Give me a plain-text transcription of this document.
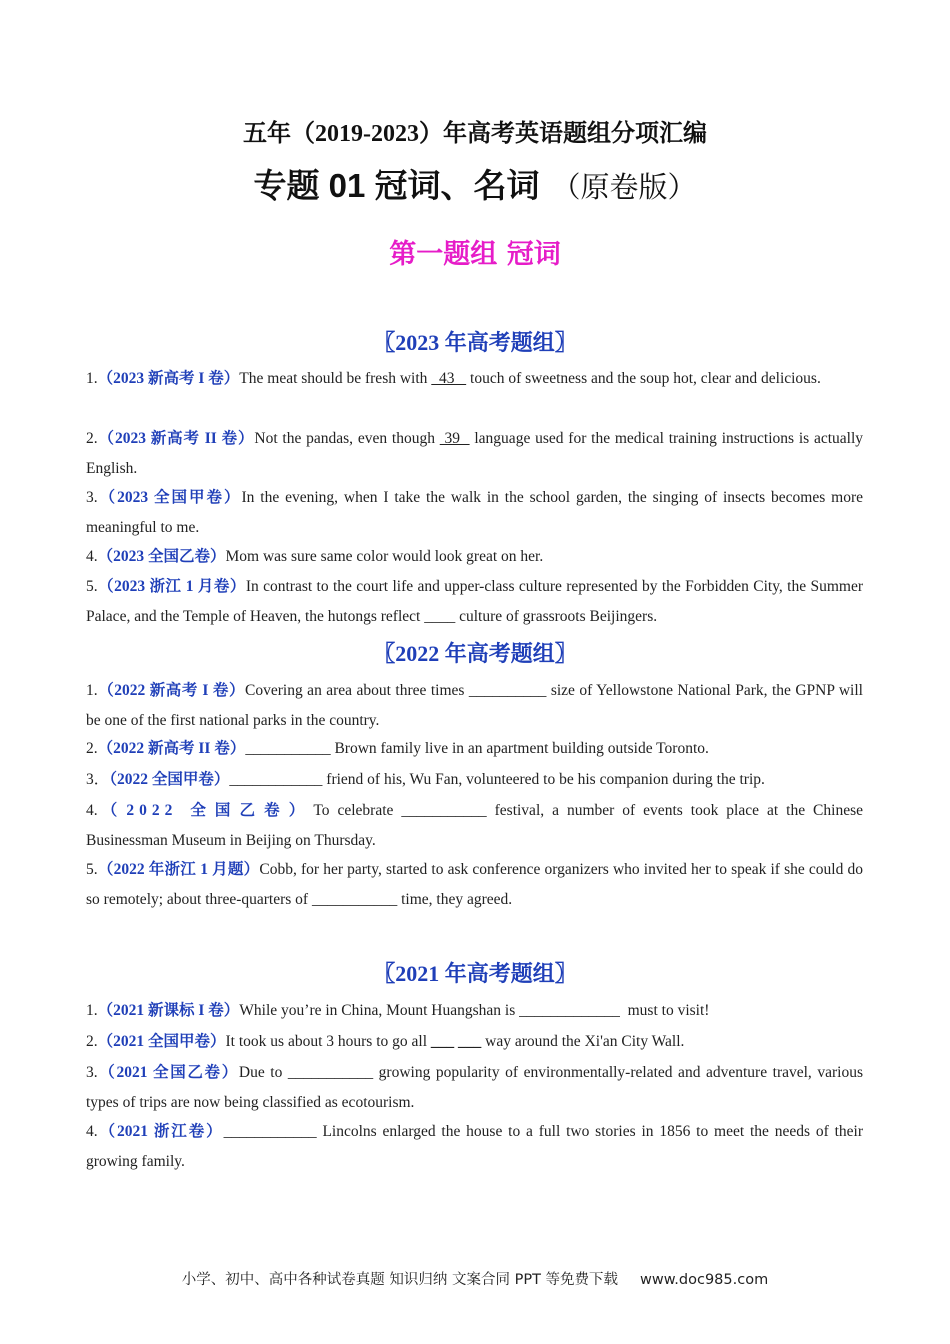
五年（2019-2023）年高考英语题组分项汇编
专题 01 冠词、名词 （原卷版）
第一题组 冠词
〖2023 年高考题组〗
1.（2023 新高考 I 卷）The meat should be fresh with   43    touch of sweetness and the soup hot, clear and delicious.
2.（2023 新高考 II 卷）Not the pandas, even though  39   language used for the medical training instructions is actually English.
3.（2023 全国甲卷）In the evening, when I take the walk in the school garden, the singing of insects becomes more meaningful to me.
4.（2023 全国乙卷）Mom was sure same color would look great on her.
5.（2023 浙江 1 月卷）In contrast to the court life and upper-class culture represented by the Forbidden City, the Summer Palace, and the Temple of Heaven, the hutongs reflect ____ culture of grassroots Beijingers.
〖2022 年高考题组〗
1.（2022 新高考 I 卷）Covering an area about three times __________ size of Yellowstone National Park, the GPNP will be one of the first national parks in the country.
2.（2022 新高考 II 卷）___________ Brown family live in an apartment building outside Toronto.
3．（2022 全国甲卷）____________ friend of his, Wu Fan, volunteered to be his companion during the trip.
4.（2022 全国乙卷）To celebrate ___________ festival, a number of events took place at the Chinese Businessman Museum in Beijing on Thursday.
5.（2022 年浙江 1 月题）Cobb, for her party, started to ask conference organizers who invited her to speak if she could do so remotely; about three-quarters of ___________ time, they agreed.
〖2021 年高考题组〗
1.（2021 新课标 I 卷）While you’re in China, Mount Huangshan is _____________  must to visit!
2.（2021 全国甲卷）It took us about 3 hours to go all ___ ___ way around the Xi'an City Wall.
3.（2021 全国乙卷）Due to ___________ growing popularity of environmentally-related and adventure travel, various types of trips are now being classified as ecotourism.
4.（2021 浙江卷）____________ Lincolns enlarged the house to a full two stories in 1856 to meet the needs of their growing family.
小学、初中、高中各种试卷真题 知识归纳 文案合同 PPT 等免费下载 www.doc985.com
